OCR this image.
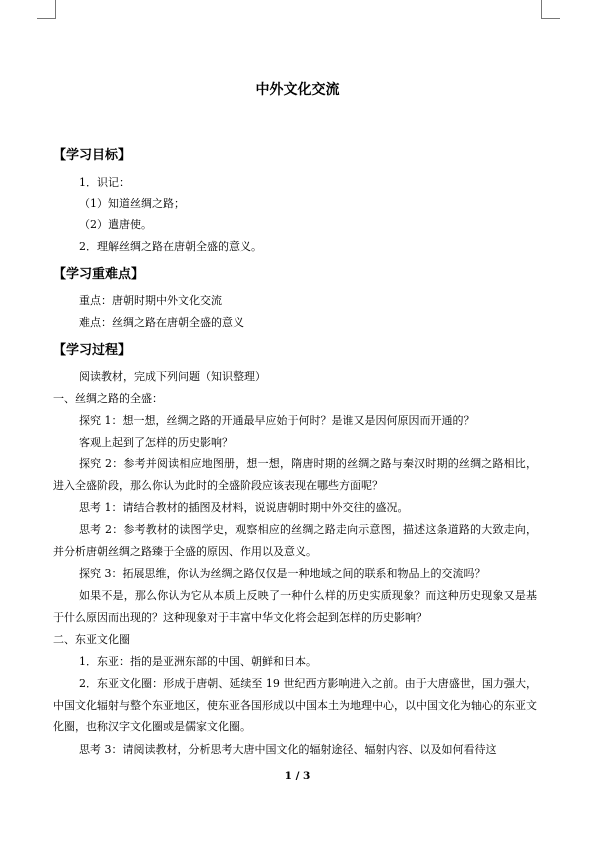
中外文化交流
【学习目标】
1．识记：
（1）知道丝绸之路；
（2）遣唐使。
2．理解丝绸之路在唐朝全盛的意义。
【学习重难点】
重点：唐朝时期中外文化交流
难点：丝绸之路在唐朝全盛的意义
【学习过程】
阅读教材，完成下列问题（知识整理）
一、丝绸之路的全盛：
探究 1：想一想，丝绸之路的开通最早应始于何时？是谁又是因何原因而开通的？
客观上起到了怎样的历史影响？
探究 2：参考并阅读相应地图册，想一想，隋唐时期的丝绸之路与秦汉时期的丝绸之路相比，进入全盛阶段，那么你认为此时的全盛阶段应该表现在哪些方面呢？
思考 1：请结合教材的插图及材料，说说唐朝时期中外交往的盛况。
思考 2：参考教材的读图学史，观察相应的丝绸之路走向示意图，描述这条道路的大致走向，并分析唐朝丝绸之路臻于全盛的原因、作用以及意义。
探究 3：拓展思维，你认为丝绸之路仅仅是一种地域之间的联系和物品上的交流吗？
如果不是，那么你认为它从本质上反映了一种什么样的历史实质现象？而这种历史现象又是基于什么原因而出现的？这种现象对于丰富中华文化将会起到怎样的历史影响？
二、东亚文化圈
1．东亚：指的是亚洲东部的中国、朝鲜和日本。
2．东亚文化圈：形成于唐朝、延续至 19 世纪西方影响进入之前。由于大唐盛世，国力强大，中国文化辐射与整个东亚地区，使东亚各国形成以中国本土为地理中心，以中国文化为轴心的东亚文化圈，也称汉字文化圈或是儒家文化圈。
思考 3：请阅读教材，分析思考大唐中国文化的辐射途径、辐射内容、以及如何看待这
1 / 3
